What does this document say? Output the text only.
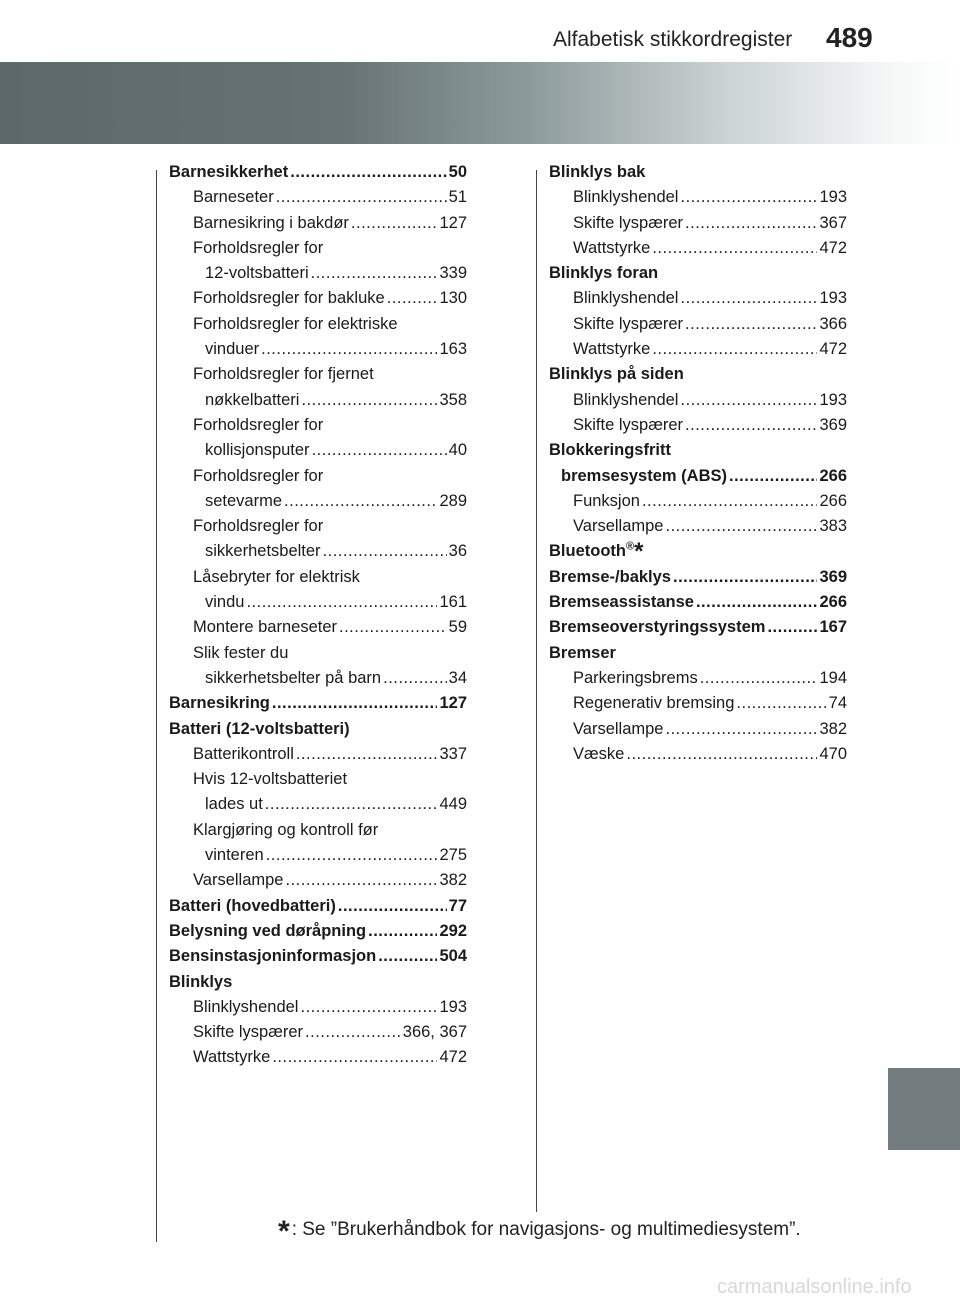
Alfabetisk stikkordregister 489
Barnesikkerhet .....	50
Barneseter .....	51
Barnesikring i bakdør .....	127
Forholdsregler for
12-voltsbatteri .....	339
Forholdsregler for bakluke .....	130
Forholdsregler for elektriske
vinduer .....	163
Forholdsregler for fjernet
nøkkelbatteri .....	358
Forholdsregler for
kollisjonsputer .....	40
Forholdsregler for
setevarme .....	289
Forholdsregler for
sikkerhetsbelter .....	36
Låsebryter for elektrisk
vindu .....	161
Montere barneseter .....	59
Slik fester du
sikkerhetsbelter på barn .....	34
Barnesikring .....	127
Batteri (12-voltsbatteri)
Batterikontroll .....	337
Hvis 12-voltsbatteriet
lades ut .....	449
Klargjøring og kontroll før
vinteren .....	275
Varsellampe .....	382
Batteri (hovedbatteri) .....	77
Belysning ved døråpning .....	292
Bensinstasjoninformasjon .....	504
Blinklys
Blinklyshendel .....	193
Skifte lyspærer .....	366, 367
Wattstyrke .....	472
Blinklys bak
Blinklyshendel .....	193
Skifte lyspærer .....	367
Wattstyrke .....	472
Blinklys foran
Blinklyshendel .....	193
Skifte lyspærer .....	366
Wattstyrke .....	472
Blinklys på siden
Blinklyshendel .....	193
Skifte lyspærer .....	369
Blokkeringsfritt
bremsesystem (ABS) .....	266
Funksjon .....	266
Varsellampe .....	383
Bluetooth®*
Bremse-/baklys .....	369
Bremseassistanse .....	266
Bremseoverstyringssystem .....	167
Bremser
Parkeringsbrems .....	194
Regenerativ bremsing .....	74
Varsellampe .....	382
Væske .....	470
* : Se ”Brukerhåndbok for navigasjons- og multimediesystem”.
carmanualsonline.info
